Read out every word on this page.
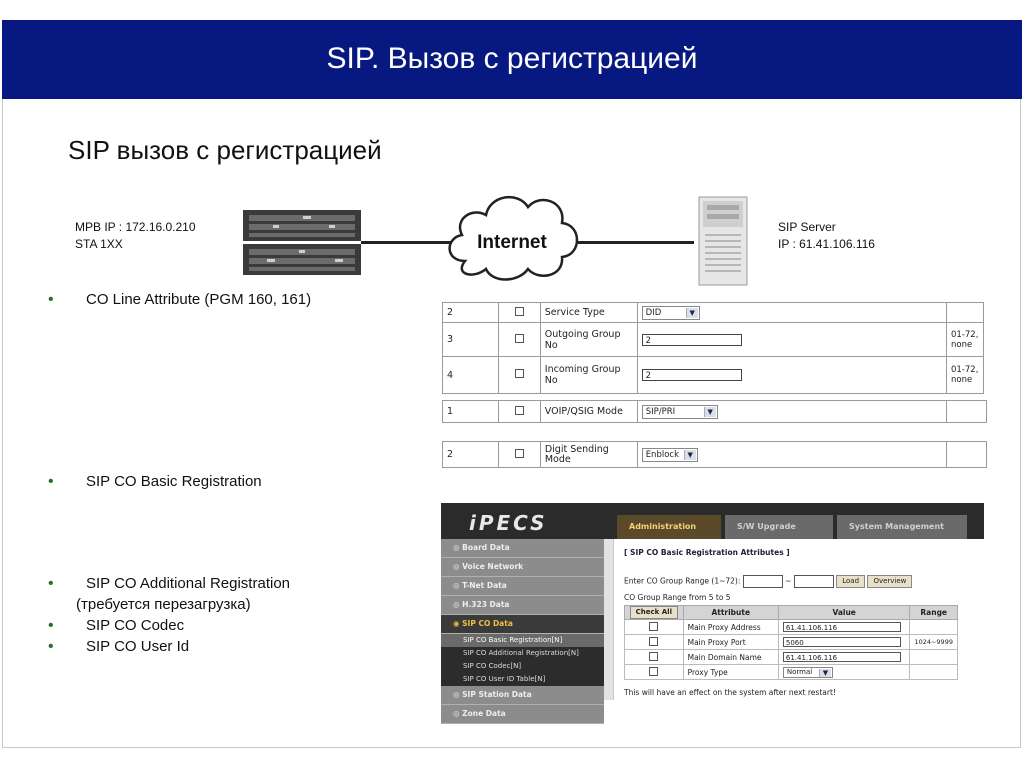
SIP. Вызов с регистрацией
SIP вызов с регистрацией
MPB IP : 172.16.0.210
STA 1XX	Internet
SIP Server
IP : 61.41.106.116
• CO Line Attribute (PGM 160, 161)
• SIP CO Basic Registration
• SIP CO Additional Registration
(требуется перезагрузка)
• SIP CO Codec
• SIP CO User Id
2		Service Type	DID ▼	

3		Outgoing Group No	2	01-72, none
4		Incoming Group No	2	01-72, none
1		VOIP/QSIG Mode	SIP/PRI	▼

2		Digit Sending Mode	Enblock	▼

iPECS	Administration	S/W Upgrade	System Management
◎ Board Data
◎ Voice Network
◎ T-Net Data
◎ H.323 Data
◉ SIP CO Data
SIP CO Basic Registration[N]
SIP CO Additional Registration[N]
SIP CO Codec[N]
SIP CO User ID Table[N]
◎ SIP Station Data
◎ Zone Data
[ SIP CO Basic Registration Attributes ]
Enter CO Group Range (1~72):	~	Load Overview
CO Group Range from 5 to 5
Check All	Attribute	Value	Range
	Main Proxy Address	61.41.106.116	
	Main Proxy Port	5060	1024~9999
	Main Domain Name	61.41.106.116	
	Proxy Type	Normal ▼	

This will have an effect on the system after next restart!
